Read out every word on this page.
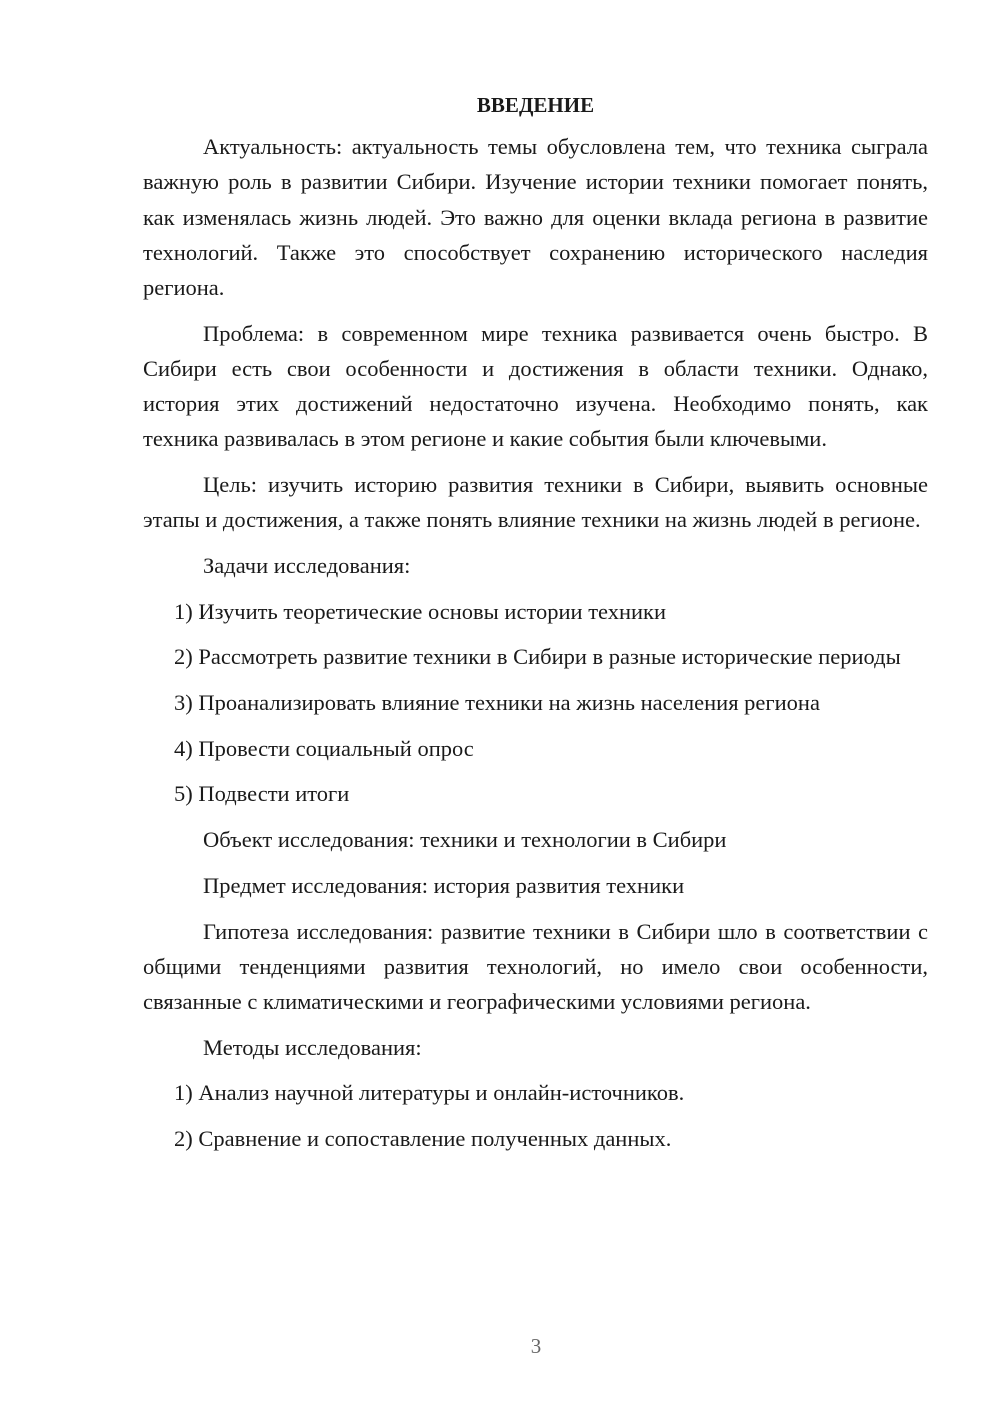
ВВЕДЕНИЕ

Актуальность: актуальность темы обусловлена тем, что техника сыграла важную роль в развитии Сибири. Изучение истории техники помогает понять, как изменялась жизнь людей. Это важно для оценки вклада региона в развитие технологий. Также это способствует сохранению исторического наследия региона.

Проблема: в современном мире техника развивается очень быстро. В Сибири есть свои особенности и достижения в области техники. Однако, история этих достижений недостаточно изучена. Необходимо понять, как техника развивалась в этом регионе и какие события были ключевыми.

Цель: изучить историю развития техники в Сибири, выявить основные этапы и достижения, а также понять влияние техники на жизнь людей в регионе.

Задачи исследования:

1) Изучить теоретические основы истории техники

2) Рассмотреть развитие техники в Сибири в разные исторические периоды

3) Проанализировать влияние техники на жизнь населения региона

4) Провести социальный опрос

5) Подвести итоги

Объект исследования: техники и технологии в Сибири

Предмет исследования: история развития техники

Гипотеза исследования: развитие техники в Сибири шло в соответствии с общими тенденциями развития технологий, но имело свои особенности, связанные с климатическими и географическими условиями региона.

Методы исследования:

1) Анализ научной литературы и онлайн-источников.

2) Сравнение и сопоставление полученных данных.

3
